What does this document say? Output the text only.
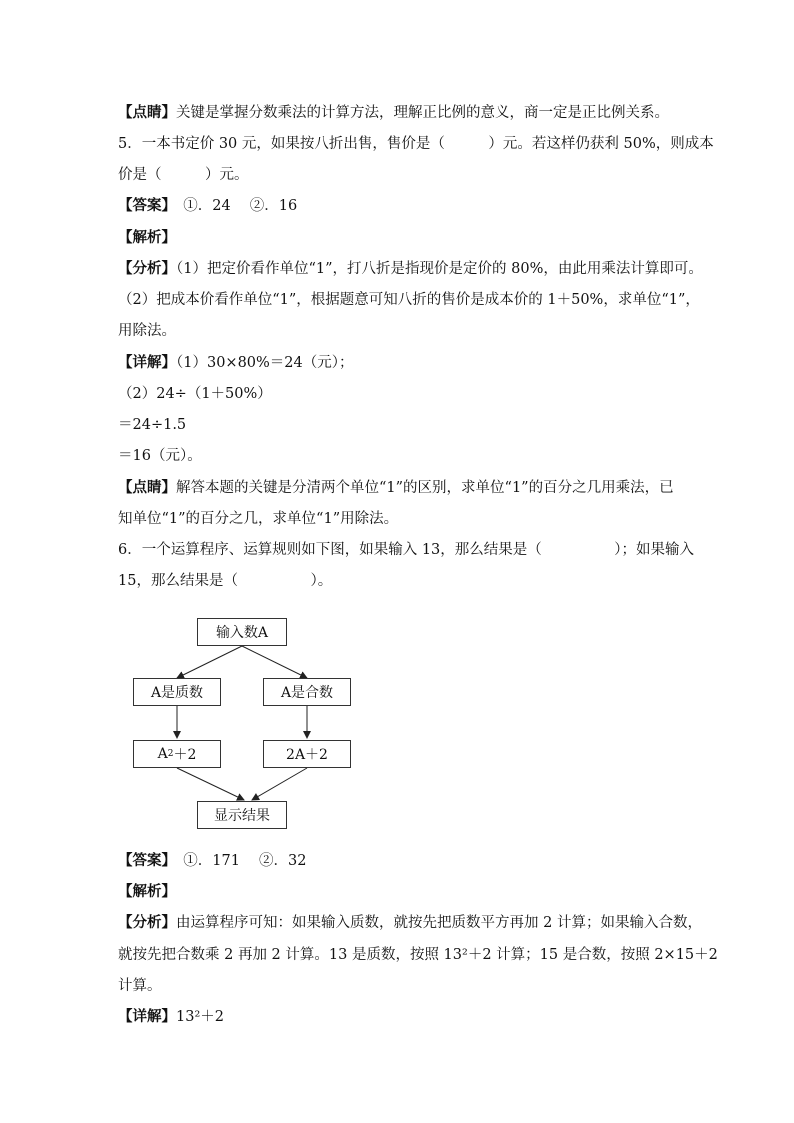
【点睛】关键是掌握分数乘法的计算方法，理解正比例的意义，商一定是正比例关系。
5．一本书定价 30 元，如果按八折出售，售价是（　　　）元。若这样仍获利 50%，则成本
价是（　　　）元。
【答案】　①．24　 ②．16
【解析】
【分析】（1）把定价看作单位“1”，打八折是指现价是定价的 80%，由此用乘法计算即可。
（2）把成本价看作单位“1”，根据题意可知八折的售价是成本价的 1＋50%，求单位“1”，
用除法。
【详解】（1）30×80%＝24（元）；
（2）24÷（1＋50%）
＝24÷1.5
＝16（元）。
【点睛】解答本题的关键是分清两个单位“1”的区别，求单位“1”的百分之几用乘法，已
知单位“1”的百分之几，求单位“1”用除法。
6．一个运算程序、运算规则如下图，如果输入 13，那么结果是（　　　　　）；如果输入
15，那么结果是（　　　　　）。
输入数A
A是质数	A是合数
A 2 ＋2	2A＋2
显示结果
【答案】　①．171　 ②．32
【解析】
【分析】由运算程序可知：如果输入质数，就按先把质数平方再加 2 计算；如果输入合数，
就按先把合数乘 2 再加 2 计算。13 是质数，按照 13²＋2 计算；15 是合数，按照 2×15＋2
计算。
【详解】13²＋2
